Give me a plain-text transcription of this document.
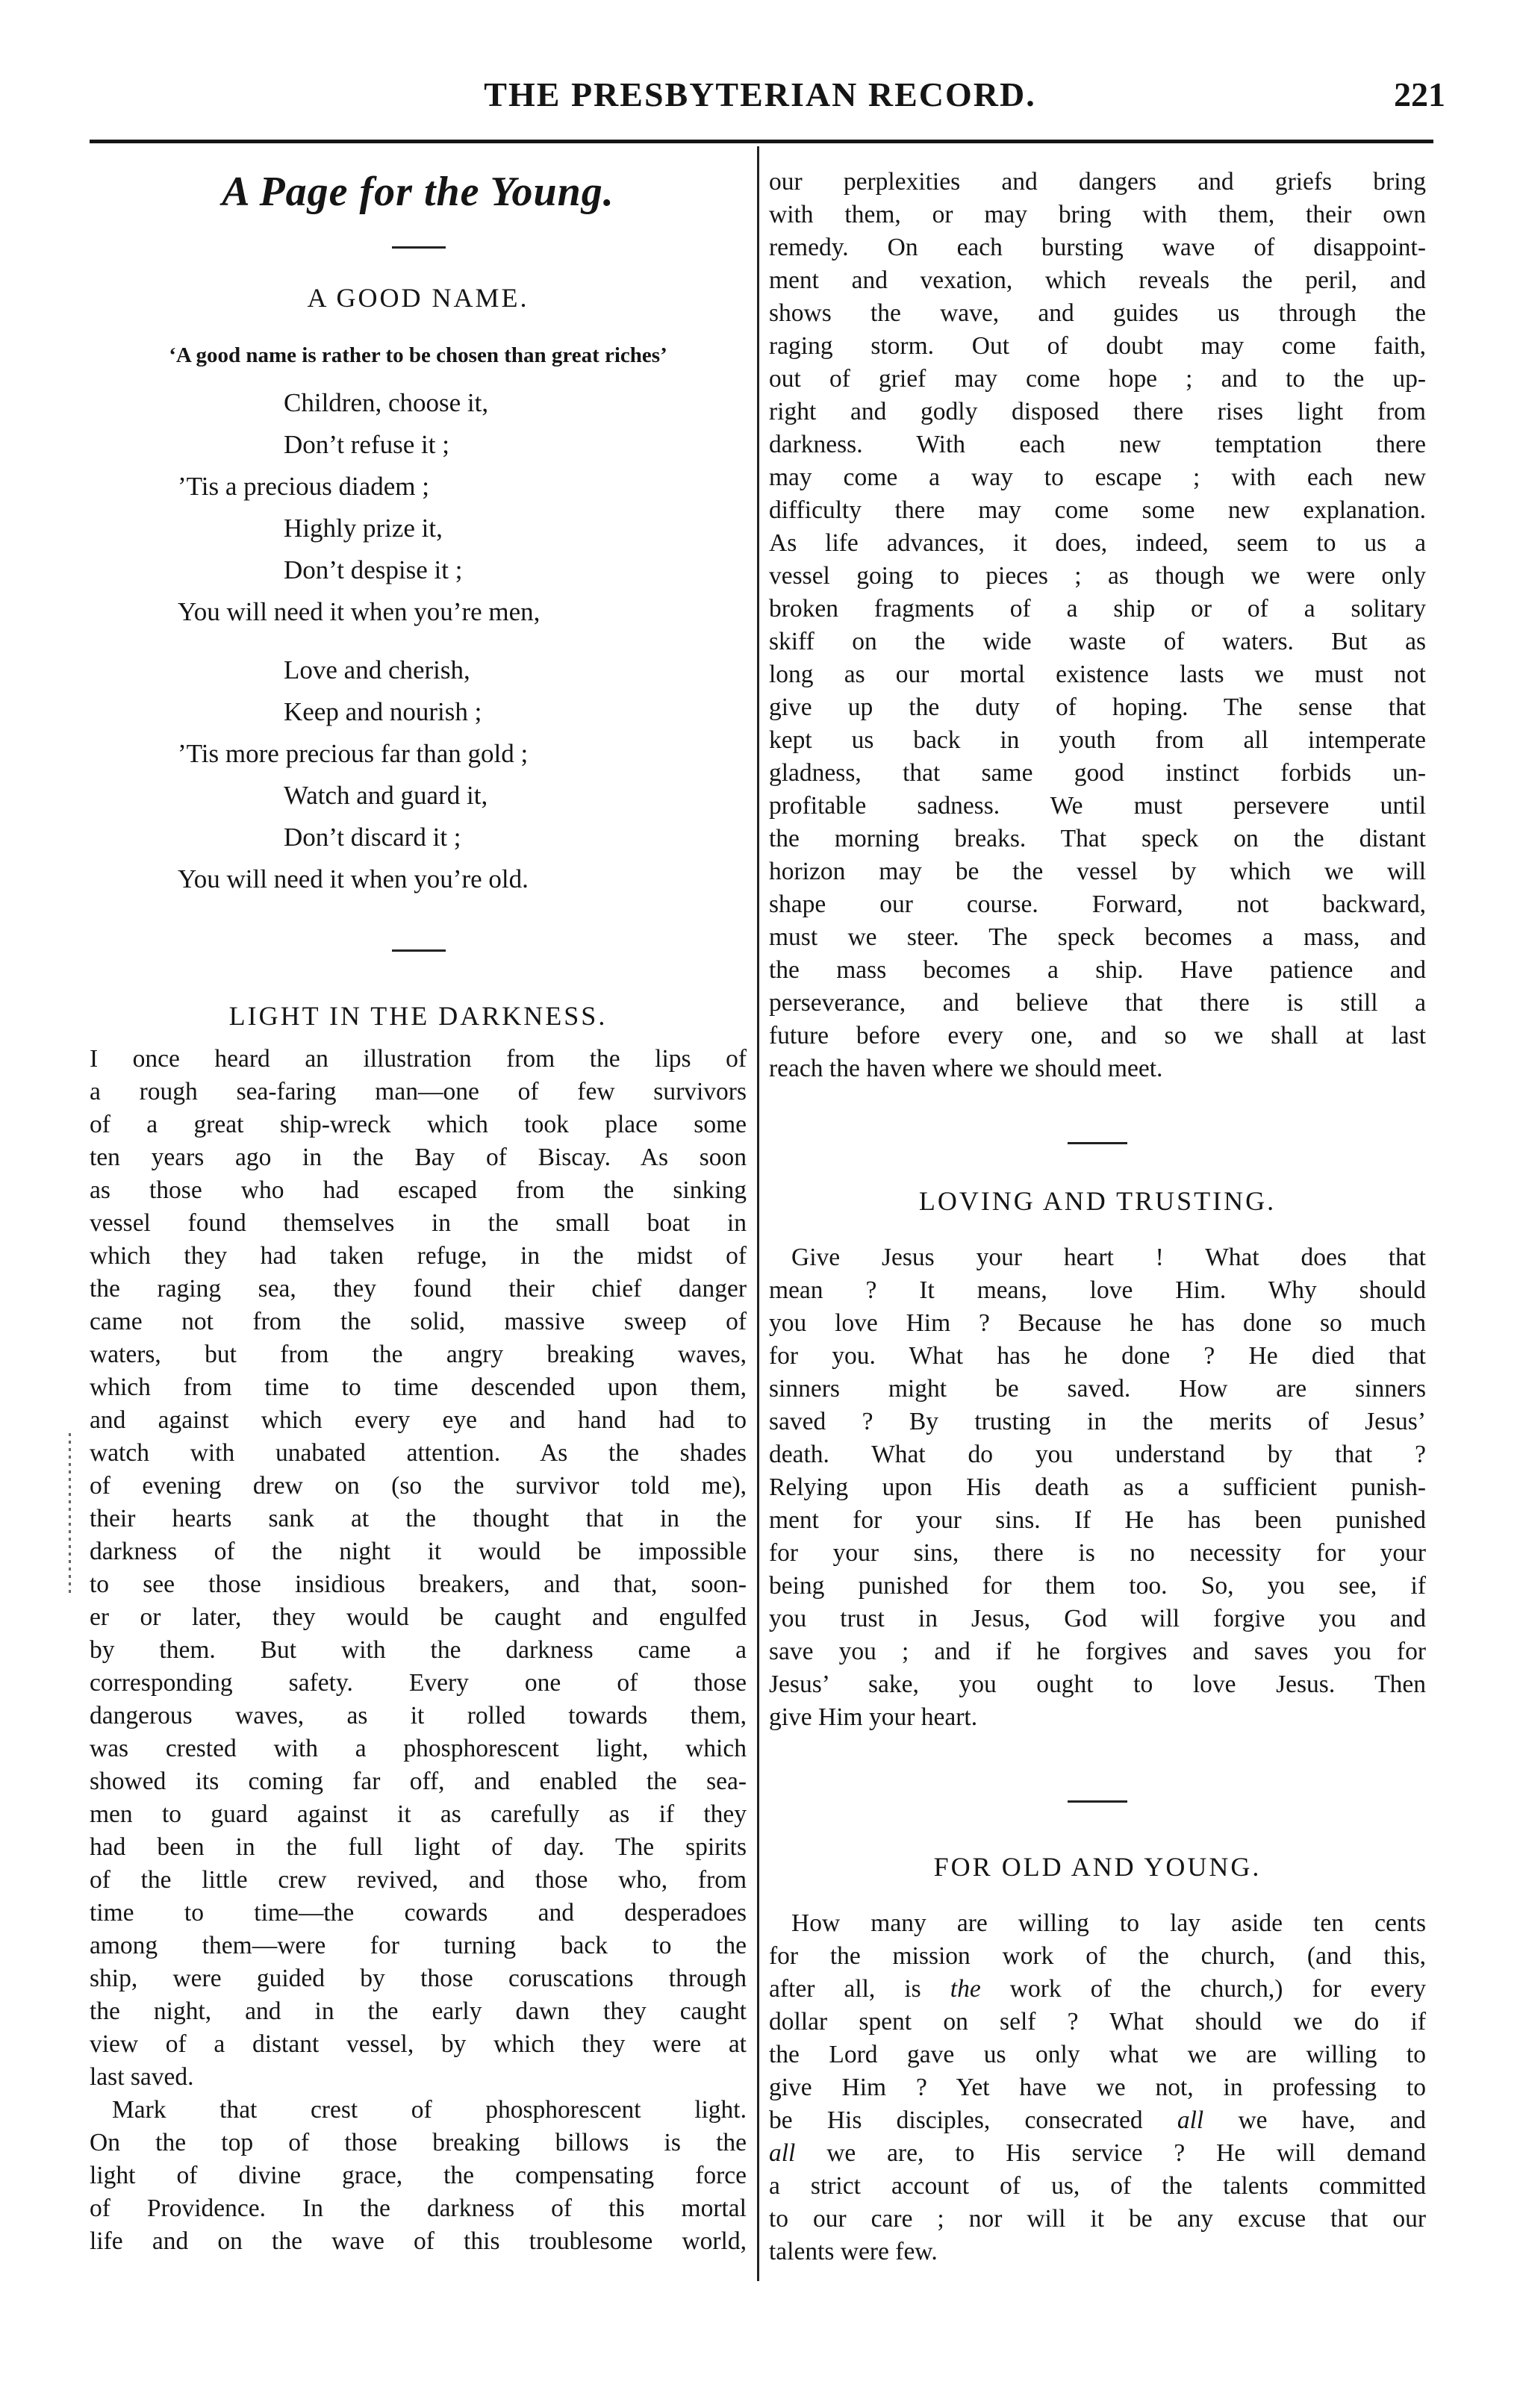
THE PRESBYTERIAN RECORD.	221
A Page for the Young.
A GOOD NAME.
‘A good name is rather to be chosen than great riches’
Children, choose it,
Don’t refuse it ;
’Tis a precious diadem ;
Highly prize it,
Don’t despise it ;
You will need it when you’re men,
Love and cherish,
Keep and nourish ;
’Tis more precious far than gold ;
Watch and guard it,
Don’t discard it ;
You will need it when you’re old.
LIGHT IN THE DARKNESS.
I once heard an illustration from the lips of
a rough sea-faring man—one of few survivors
of a great ship-wreck which took place some
ten years ago in the Bay of Biscay. As soon
as those who had escaped from the sinking
vessel found themselves in the small boat in
which they had taken refuge, in the midst of
the raging sea, they found their chief danger
came not from the solid, massive sweep of
waters, but from the angry breaking waves,
which from time to time descended upon them,
and against which every eye and hand had to
watch with unabated attention. As the shades
of evening drew on (so the survivor told me),
their hearts sank at the thought that in the
darkness of the night it would be impossible
to see those insidious breakers, and that, soon-
er or later, they would be caught and engulfed
by them. But with the darkness came a
corresponding safety. Every one of those
dangerous waves, as it rolled towards them,
was crested with a phosphorescent light, which
showed its coming far off, and enabled the sea-
men to guard against it as carefully as if they
had been in the full light of day. The spirits
of the little crew revived, and those who, from
time to time—the cowards and desperadoes
among them—were for turning back to the
ship, were guided by those coruscations through
the night, and in the early dawn they caught
view of a distant vessel, by which they were at
last saved.
Mark that crest of phosphorescent light.
On the top of those breaking billows is the
light of divine grace, the compensating force
of Providence. In the darkness of this mortal
life and on the wave of this troublesome world,
our perplexities and dangers and griefs bring
with them, or may bring with them, their own
remedy. On each bursting wave of disappoint-
ment and vexation, which reveals the peril, and
shows the wave, and guides us through the
raging storm. Out of doubt may come faith,
out of grief may come hope ; and to the up-
right and godly disposed there rises light from
darkness. With each new temptation there
may come a way to escape ; with each new
difficulty there may come some new explanation.
As life advances, it does, indeed, seem to us a
vessel going to pieces ; as though we were only
broken fragments of a ship or of a solitary
skiff on the wide waste of waters. But as
long as our mortal existence lasts we must not
give up the duty of hoping. The sense that
kept us back in youth from all intemperate
gladness, that same good instinct forbids un-
profitable sadness. We must persevere until
the morning breaks. That speck on the distant
horizon may be the vessel by which we will
shape our course. Forward, not backward,
must we steer. The speck becomes a mass, and
the mass becomes a ship. Have patience and
perseverance, and believe that there is still a
future before every one, and so we shall at last
reach the haven where we should meet.
LOVING AND TRUSTING.
Give Jesus your heart ! What does that
mean ? It means, love Him. Why should
you love Him ? Because he has done so much
for you. What has he done ? He died that
sinners might be saved. How are sinners
saved ? By trusting in the merits of Jesus’
death. What do you understand by that ?
Relying upon His death as a sufficient punish-
ment for your sins. If He has been punished
for your sins, there is no necessity for your
being punished for them too. So, you see, if
you trust in Jesus, God will forgive you and
save you ; and if he forgives and saves you for
Jesus’ sake, you ought to love Jesus. Then
give Him your heart.
FOR OLD AND YOUNG.
How many are willing to lay aside ten cents
for the mission work of the church, (and this,
after all, is the work of the church,) for every
dollar spent on self ? What should we do if
the Lord gave us only what we are willing to
give Him ? Yet have we not, in professing to
be His disciples, consecrated all we have, and
all we are, to His service ? He will demand
a strict account of us, of the talents committed
to our care ; nor will it be any excuse that our
talents were few.
